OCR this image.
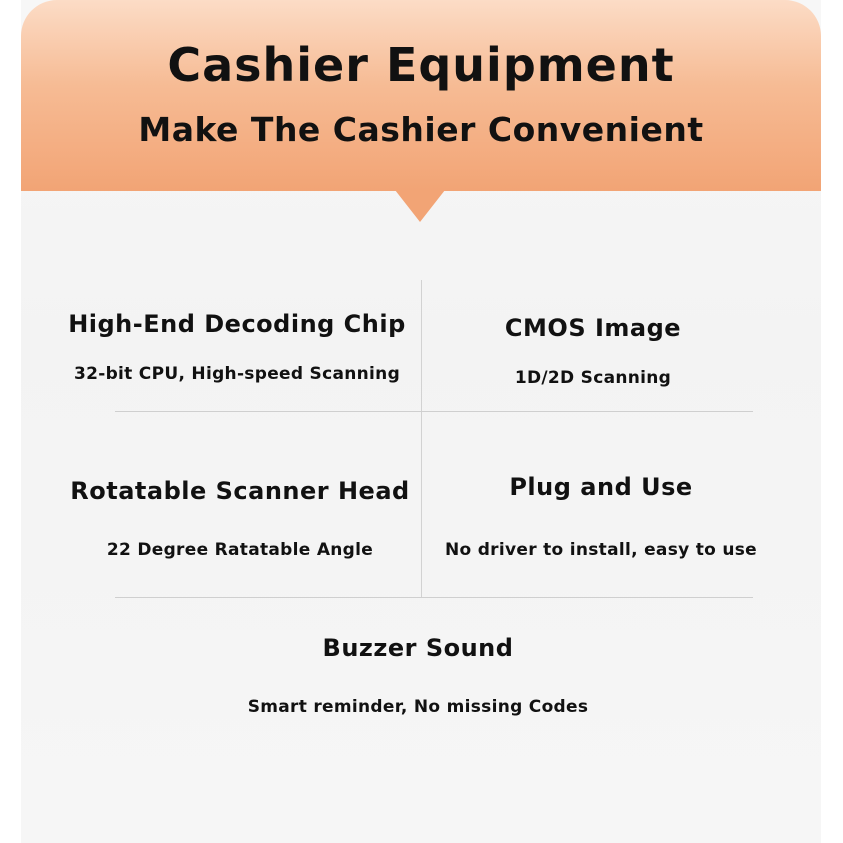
Cashier Equipment
Make The Cashier Convenient
High-End Decoding Chip
32-bit CPU, High-speed Scanning
CMOS Image
1D/2D Scanning
Rotatable Scanner Head
22 Degree Ratatable Angle
Plug and Use
No driver to install, easy to use
Buzzer Sound
Smart reminder, No missing Codes
